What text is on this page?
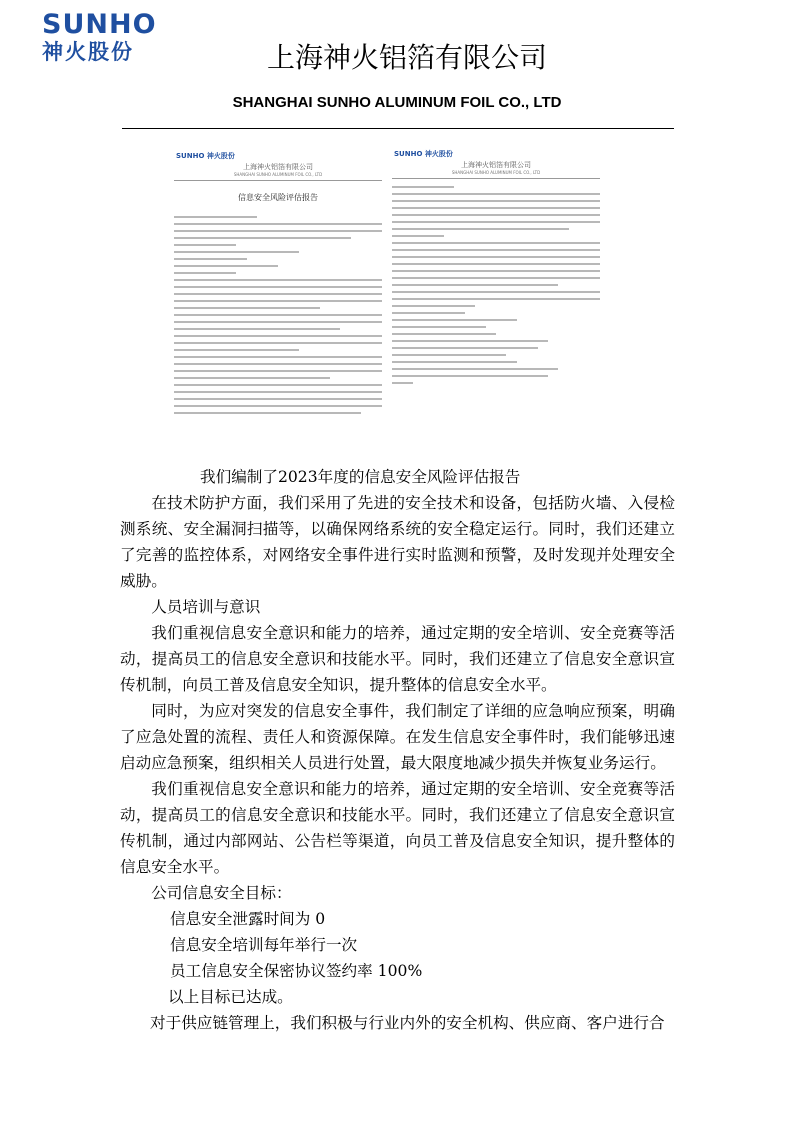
SUNHO
神火股份	上海神火铝箔有限公司
SHANGHAI SUNHO ALUMINUM FOIL CO., LTD
SUNHO 神火股份
上海神火铝箔有限公司
SHANGHAI SUNHO ALUMINUM FOIL CO., LTD
信息安全风险评估报告
SUNHO 神火股份
上海神火铝箔有限公司
SHANGHAI SUNHO ALUMINUM FOIL CO., LTD

我们编制了2023年度的信息安全风险评估报告

在技术防护方面，我们采用了先进的安全技术和设备，包括防火墙、入侵检测系统、安全漏洞扫描等，以确保网络系统的安全稳定运行。同时，我们还建立了完善的监控体系，对网络安全事件进行实时监测和预警，及时发现并处理安全威胁。

人员培训与意识

我们重视信息安全意识和能力的培养，通过定期的安全培训、安全竞赛等活动，提高员工的信息安全意识和技能水平。同时，我们还建立了信息安全意识宣传机制，向员工普及信息安全知识，提升整体的信息安全水平。

同时，为应对突发的信息安全事件，我们制定了详细的应急响应预案，明确了应急处置的流程、责任人和资源保障。在发生信息安全事件时，我们能够迅速启动应急预案，组织相关人员进行处置，最大限度地减少损失并恢复业务运行。

我们重视信息安全意识和能力的培养，通过定期的安全培训、安全竞赛等活动，提高员工的信息安全意识和技能水平。同时，我们还建立了信息安全意识宣传机制，通过内部网站、公告栏等渠道，向员工普及信息安全知识，提升整体的信息安全水平。

公司信息安全目标：

信息安全泄露时间为 0

信息安全培训每年举行一次

员工信息安全保密协议签约率 100%

以上目标已达成。

对于供应链管理上，我们积极与行业内外的安全机构、供应商、客户进行合
